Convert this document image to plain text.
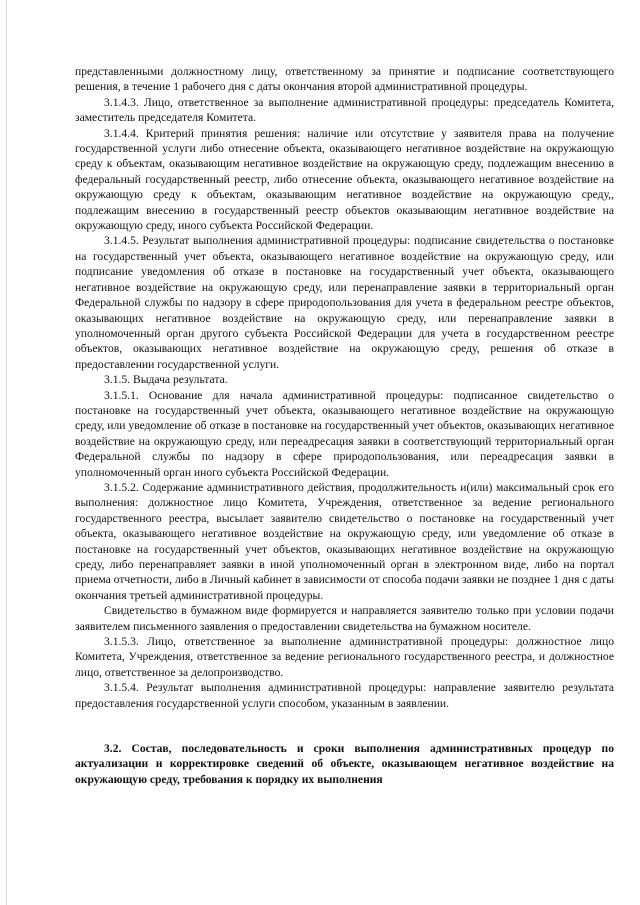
представленными должностному лицу, ответственному за принятие и подписание соответствующего решения, в течение 1 рабочего дня с даты окончания второй административной процедуры.

3.1.4.3. Лицо, ответственное за выполнение административной процедуры: председатель Комитета, заместитель председателя Комитета.

3.1.4.4. Критерий принятия решения: наличие или отсутствие у заявителя права на получение государственной услуги либо отнесение объекта, оказывающего негативное воздействие на окружающую среду к объектам, оказывающим негативное воздействие на окружающую среду, подлежащим внесению в федеральный государственный реестр, либо отнесение объекта, оказывающего негативное воздействие на окружающую среду к объектам, оказывающим негативное воздействие на окружающую среду,, подлежащим внесению в государственный реестр объектов оказывающим негативное воздействие на окружающую среду, иного субъекта Российской Федерации.

3.1.4.5. Результат выполнения административной процедуры: подписание свидетельства о постановке на государственный учет объекта, оказывающего негативное воздействие на окружающую среду, или подписание уведомления об отказе в постановке на государственный учет объекта, оказывающего негативное воздействие на окружающую среду, или перенаправление заявки в территориальный орган Федеральной службы по надзору в сфере природопользования для учета в федеральном реестре объектов, оказывающих негативное воздействие на окружающую среду, или перенаправление заявки в уполномоченный орган другого субъекта Российской Федерации для учета в государственном реестре объектов, оказывающих негативное воздействие на окружающую среду, решения об отказе в предоставлении государственной услуги.

3.1.5. Выдача результата.

3.1.5.1. Основание для начала административной процедуры: подписанное свидетельство о постановке на государственный учет объекта, оказывающего негативное воздействие на окружающую среду, или уведомление об отказе в постановке на государственный учет объектов, оказывающих негативное воздействие на окружающую среду, или переадресация заявки в соответствующий территориальный орган Федеральной службы по надзору в сфере природопользования, или переадресация заявки в уполномоченный орган иного субъекта Российской Федерации.

3.1.5.2. Содержание административного действия, продолжительность и(или) максимальный срок его выполнения: должностное лицо Комитета, Учреждения, ответственное за ведение регионального государственного реестра, высылает заявителю свидетельство о постановке на государственный учет объекта, оказывающего негативное воздействие на окружающую среду, или уведомление об отказе в постановке на государственный учет объектов, оказывающих негативное воздействие на окружающую среду, либо перенаправляет заявки в иной уполномоченный орган в электронном виде, либо на портал приема отчетности, либо в Личный кабинет в зависимости от способа подачи заявки не позднее 1 дня с даты окончания третьей административной процедуры.

Свидетельство в бумажном виде формируется и направляется заявителю только при условии подачи заявителем письменного заявления о предоставлении свидетельства на бумажном носителе.

3.1.5.3. Лицо, ответственное за выполнение административной процедуры: должностное лицо Комитета, Учреждения, ответственное за ведение регионального государственного реестра, и должностное лицо, ответственное за делопроизводство.

3.1.5.4. Результат выполнения административной процедуры: направление заявителю результата предоставления государственной услуги способом, указанным в заявлении.

3.2. Состав, последовательность и сроки выполнения административных процедур по актуализации и корректировке сведений об объекте, оказывающем негативное воздействие на окружающую среду, требования к порядку их выполнения
